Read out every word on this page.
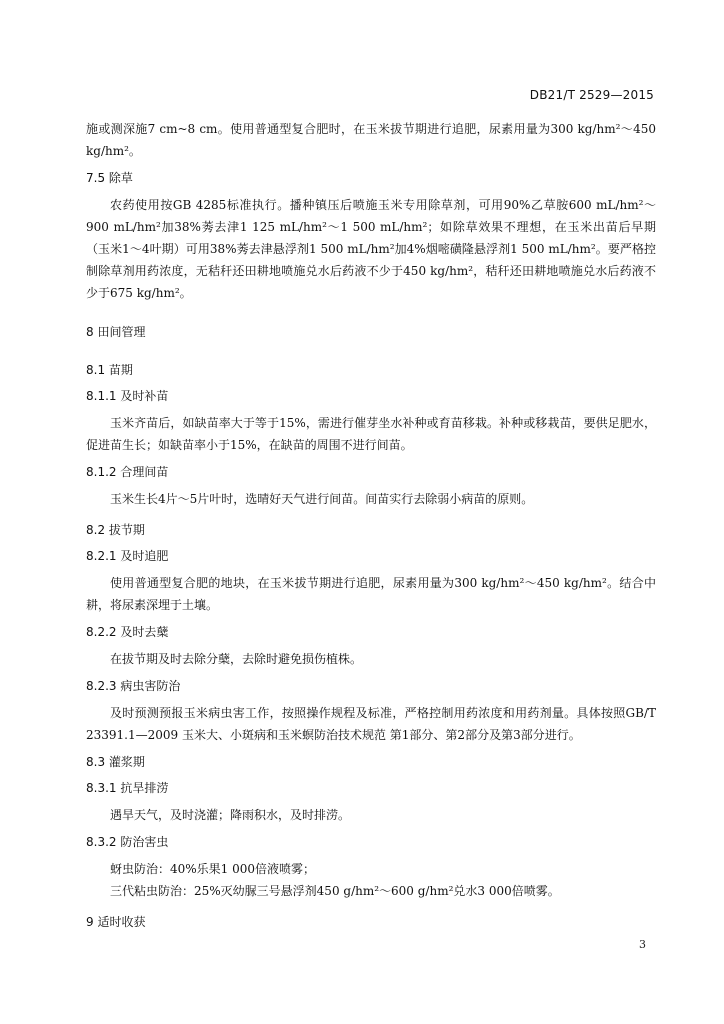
DB21/T 2529—2015

施或测深施7 cm~8 cm。使用普通型复合肥时，在玉米拔节期进行追肥，尿素用量为300 kg/hm²～450 kg/hm²。

7.5 除草

农药使用按GB 4285标准执行。播种镇压后喷施玉米专用除草剂，可用90%乙草胺600 mL/hm²～900 mL/hm²加38%莠去津1 125 mL/hm²～1 500 mL/hm²；如除草效果不理想，在玉米出苗后早期（玉米1～4叶期）可用38%莠去津悬浮剂1 500 mL/hm²加4%烟嘧磺隆悬浮剂1 500 mL/hm²。要严格控制除草剂用药浓度，无秸秆还田耕地喷施兑水后药液不少于450 kg/hm²，秸秆还田耕地喷施兑水后药液不少于675 kg/hm²。

8 田间管理

8.1 苗期

8.1.1 及时补苗

玉米齐苗后，如缺苗率大于等于15%，需进行催芽坐水补种或育苗移栽。补种或移栽苗，要供足肥水，促进苗生长；如缺苗率小于15%，在缺苗的周围不进行间苗。

8.1.2 合理间苗

玉米生长4片～5片叶时，选晴好天气进行间苗。间苗实行去除弱小病苗的原则。

8.2 拔节期

8.2.1 及时追肥

使用普通型复合肥的地块，在玉米拔节期进行追肥，尿素用量为300 kg/hm²～450 kg/hm²。结合中耕，将尿素深埋于土壤。

8.2.2 及时去蘖

在拔节期及时去除分蘖，去除时避免损伤植株。

8.2.3 病虫害防治

及时预测预报玉米病虫害工作，按照操作规程及标准，严格控制用药浓度和用药剂量。具体按照GB/T 23391.1—2009 玉米大、小斑病和玉米螟防治技术规范 第1部分、第2部分及第3部分进行。

8.3 灌浆期

8.3.1 抗旱排涝

遇旱天气，及时浇灌；降雨积水，及时排涝。

8.3.2 防治害虫

蚜虫防治：40%乐果1 000倍液喷雾；

三代粘虫防治：25%灭幼脲三号悬浮剂450 g/hm²～600 g/hm²兑水3 000倍喷雾。

9 适时收获

3
